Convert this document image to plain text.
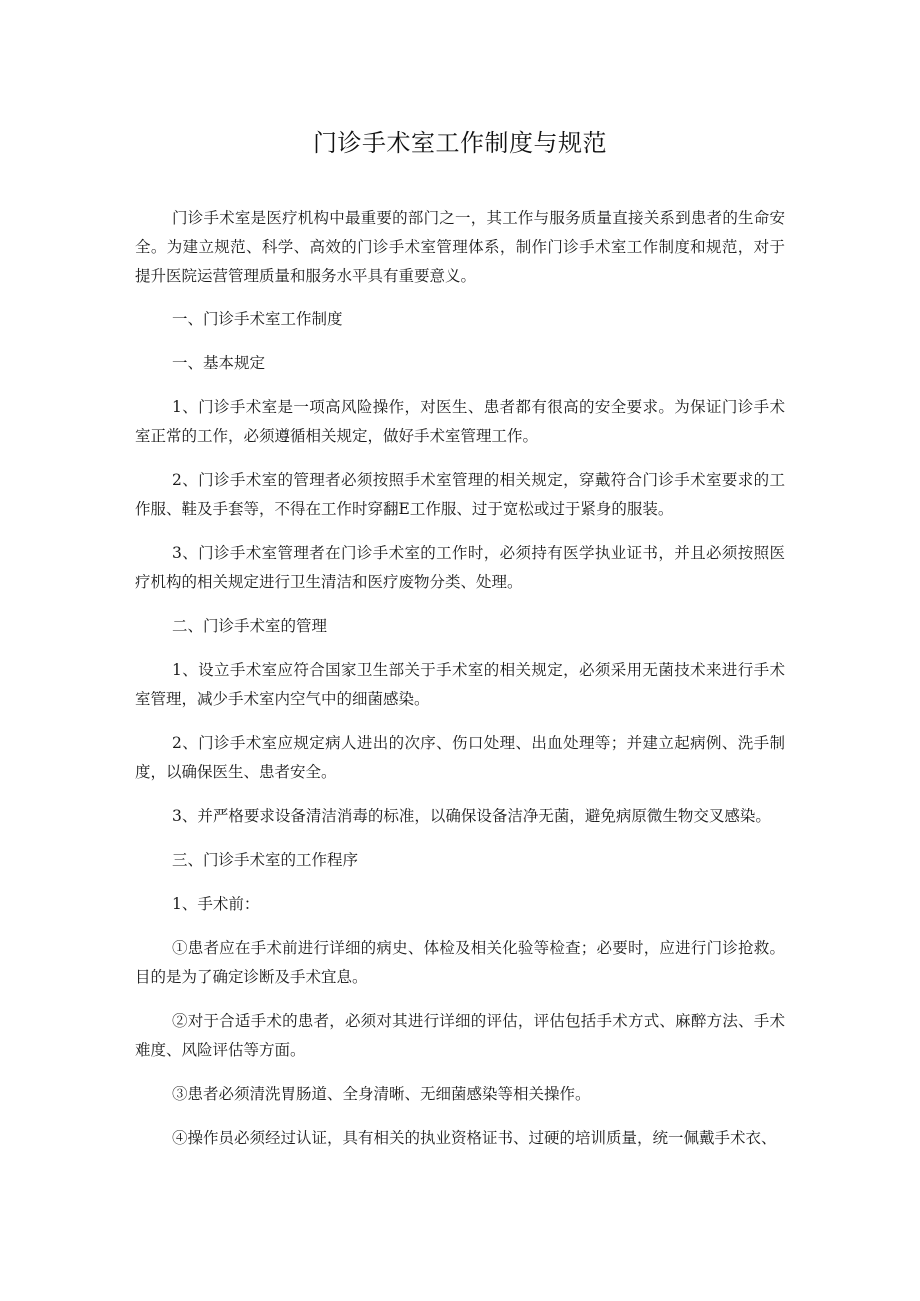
门诊手术室工作制度与规范

门诊手术室是医疗机构中最重要的部门之一，其工作与服务质量直接关系到患者的生命安全。为建立规范、科学、高效的门诊手术室管理体系，制作门诊手术室工作制度和规范，对于提升医院运营管理质量和服务水平具有重要意义。

一、门诊手术室工作制度

一、基本规定

1、门诊手术室是一项高风险操作，对医生、患者都有很高的安全要求。为保证门诊手术室正常的工作，必须遵循相关规定，做好手术室管理工作。

2、门诊手术室的管理者必须按照手术室管理的相关规定，穿戴符合门诊手术室要求的工作服、鞋及手套等，不得在工作时穿翻E工作服、过于宽松或过于紧身的服装。

3、门诊手术室管理者在门诊手术室的工作时，必须持有医学执业证书，并且必须按照医疗机构的相关规定进行卫生清洁和医疗废物分类、处理。

二、门诊手术室的管理

1、设立手术室应符合国家卫生部关于手术室的相关规定，必须采用无菌技术来进行手术室管理，减少手术室内空气中的细菌感染。

2、门诊手术室应规定病人进出的次序、伤口处理、出血处理等；并建立起病例、洗手制度，以确保医生、患者安全。

3、并严格要求设备清洁消毒的标准，以确保设备洁净无菌，避免病原微生物交叉感染。

三、门诊手术室的工作程序

1、手术前：

①患者应在手术前进行详细的病史、体检及相关化验等检查；必要时，应进行门诊抢救。目的是为了确定诊断及手术宜息。

②对于合适手术的患者，必须对其进行详细的评估，评估包括手术方式、麻醉方法、手术难度、风险评估等方面。

③患者必须清洗胃肠道、全身清晰、无细菌感染等相关操作。

④操作员必须经过认证，具有相关的执业资格证书、过硬的培训质量，统一佩戴手术衣、
